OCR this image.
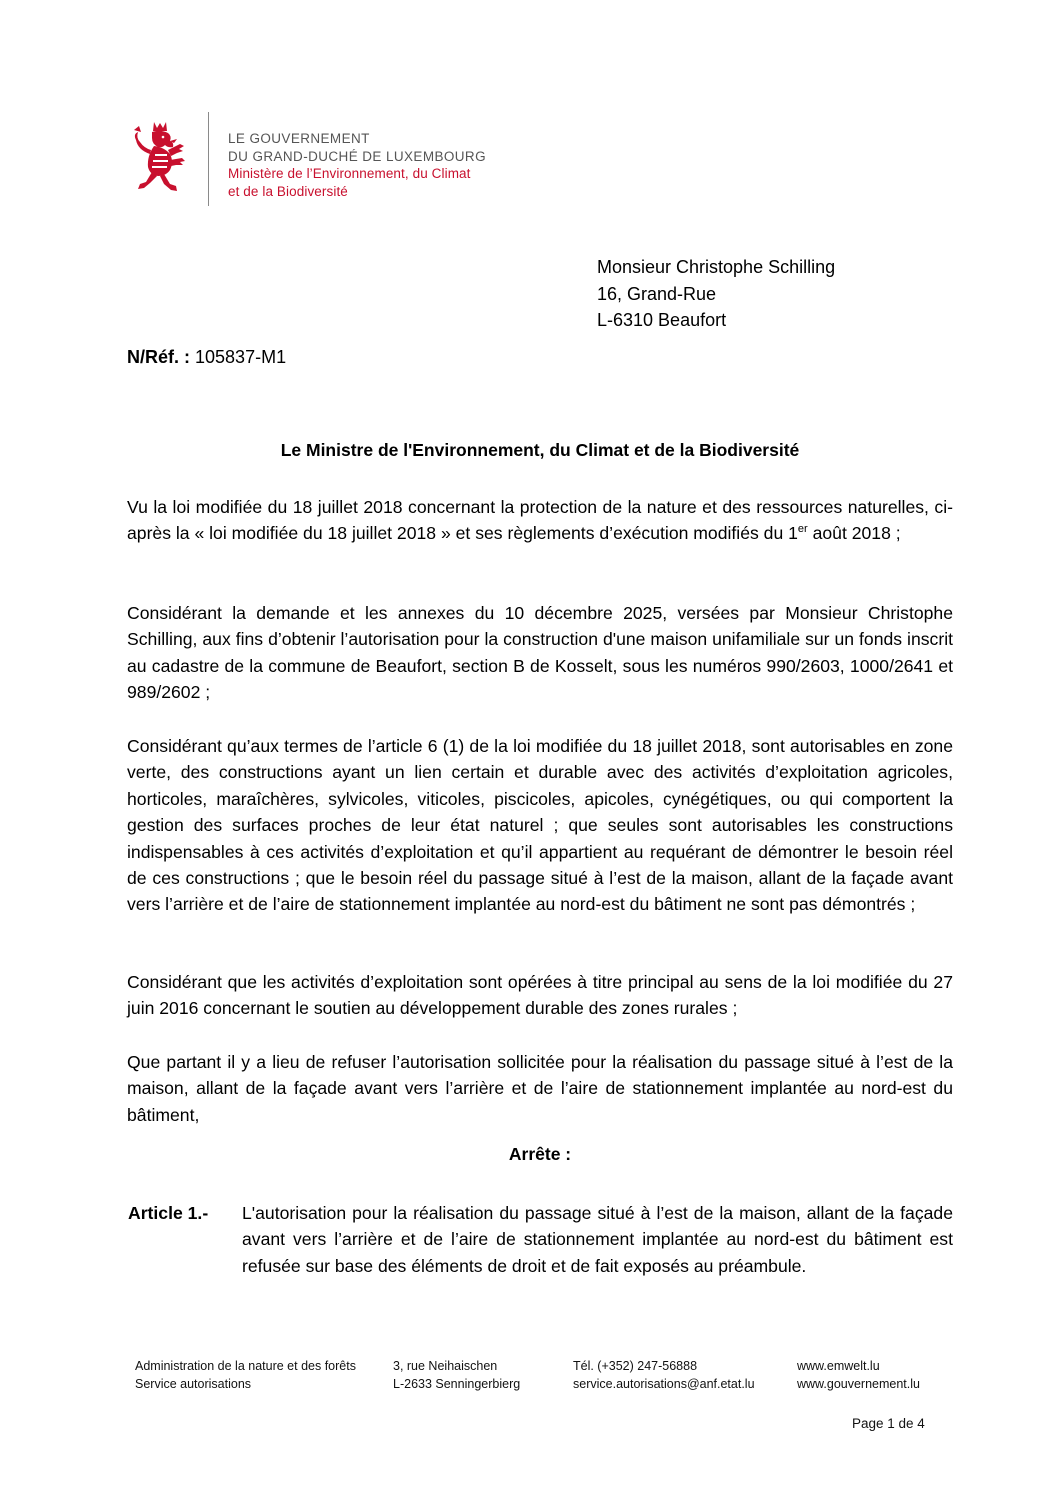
LE GOUVERNEMENT
DU GRAND-DUCHÉ DE LUXEMBOURG
Ministère de l’Environnement, du Climat
et de la Biodiversité
Monsieur Christophe Schilling
16, Grand-Rue
L-6310 Beaufort
N/Réf. : 105837-M1
Le Ministre de l'Environnement, du Climat et de la Biodiversité
Vu la loi modifiée du 18 juillet 2018 concernant la protection de la nature et des ressources naturelles, ci-après la « loi modifiée du 18 juillet 2018 » et ses règlements d’exécution modifiés du 1er août 2018 ;
Considérant la demande et les annexes du 10 décembre 2025, versées par Monsieur Christophe Schilling, aux fins d’obtenir l’autorisation pour la construction d'une maison unifamiliale sur un fonds inscrit au cadastre de la commune de Beaufort, section B de Kosselt, sous les numéros 990/2603, 1000/2641 et 989/2602 ;
Considérant qu’aux termes de l’article 6 (1) de la loi modifiée du 18 juillet 2018, sont autorisables en zone verte, des constructions ayant un lien certain et durable avec des activités d’exploitation agricoles, horticoles, maraîchères, sylvicoles, viticoles, piscicoles, apicoles, cynégétiques, ou qui comportent la gestion des surfaces proches de leur état naturel ; que seules sont autorisables les constructions indispensables à ces activités d’exploitation et qu’il appartient au requérant de démontrer le besoin réel de ces constructions ; que le besoin réel du passage situé à l’est de la maison, allant de la façade avant vers l’arrière et de l’aire de stationnement implantée au nord-est du bâtiment ne sont pas démontrés ;
Considérant que les activités d’exploitation sont opérées à titre principal au sens de la loi modifiée du 27 juin 2016 concernant le soutien au développement durable des zones rurales ;
Que partant il y a lieu de refuser l’autorisation sollicitée pour la réalisation du passage situé à l’est de la maison, allant de la façade avant vers l’arrière et de l’aire de stationnement implantée au nord-est du bâtiment,
Arrête :
Article 1.- L'autorisation pour la réalisation du passage situé à l’est de la maison, allant de la façade avant vers l’arrière et de l’aire de stationnement implantée au nord-est du bâtiment est refusée sur base des éléments de droit et de fait exposés au préambule.
Administration de la nature et des forêts
Service autorisations
3, rue Neihaischen
L-2633 Senningerbierg
Tél. (+352) 247-56888
service.autorisations@anf.etat.lu
www.emwelt.lu
www.gouvernement.lu
Page 1 de 4
